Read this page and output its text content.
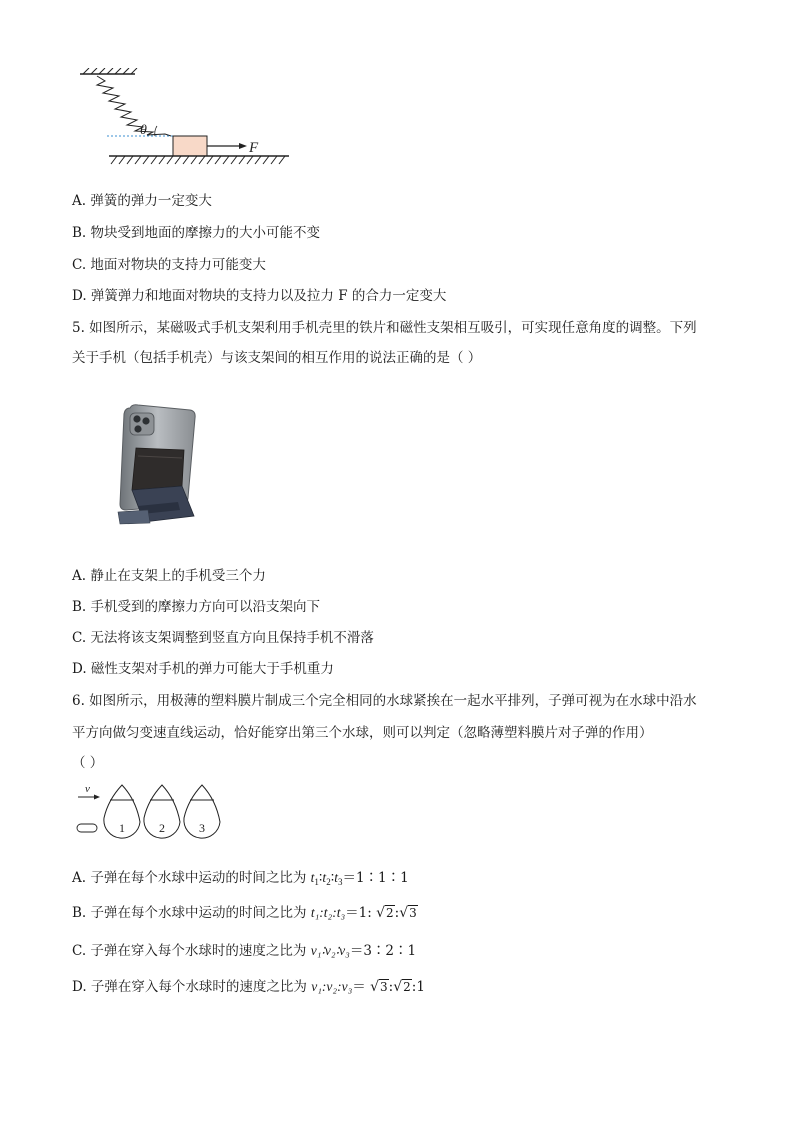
θ
F
A. 弹簧的弹力一定变大
B. 物块受到地面的摩擦力的大小可能不变
C. 地面对物块的支持力可能变大
D. 弹簧弹力和地面对物块的支持力以及拉力 F 的合力一定变大
5. 如图所示，某磁吸式手机支架利用手机壳里的铁片和磁性支架相互吸引，可实现任意角度的调整。下列
关于手机（包括手机壳）与该支架间的相互作用的说法正确的是（ ）
A. 静止在支架上的手机受三个力
B. 手机受到的摩擦力方向可以沿支架向下
C. 无法将该支架调整到竖直方向且保持手机不滑落
D. 磁性支架对手机的弹力可能大于手机重力
6. 如图所示，用极薄的塑料膜片制成三个完全相同的水球紧挨在一起水平排列，子弹可视为在水球中沿水
平方向做匀变速直线运动，恰好能穿出第三个水球，则可以判定（忽略薄塑料膜片对子弹的作用）
（ ）
v
1	2	3
A. 子弹在每个水球中运动的时间之比为 $t_1∶t_2∶t_3=1∶1∶1$
B. 子弹在每个水球中运动的时间之比为 t₁:t₂:t₃＝1: √2:√3
C. 子弹在穿入每个水球时的速度之比为 v₁∶v₂∶v₃＝3∶2∶1
D. 子弹在穿入每个水球时的速度之比为 v₁:v₂:v₃＝ √3:√2:1
